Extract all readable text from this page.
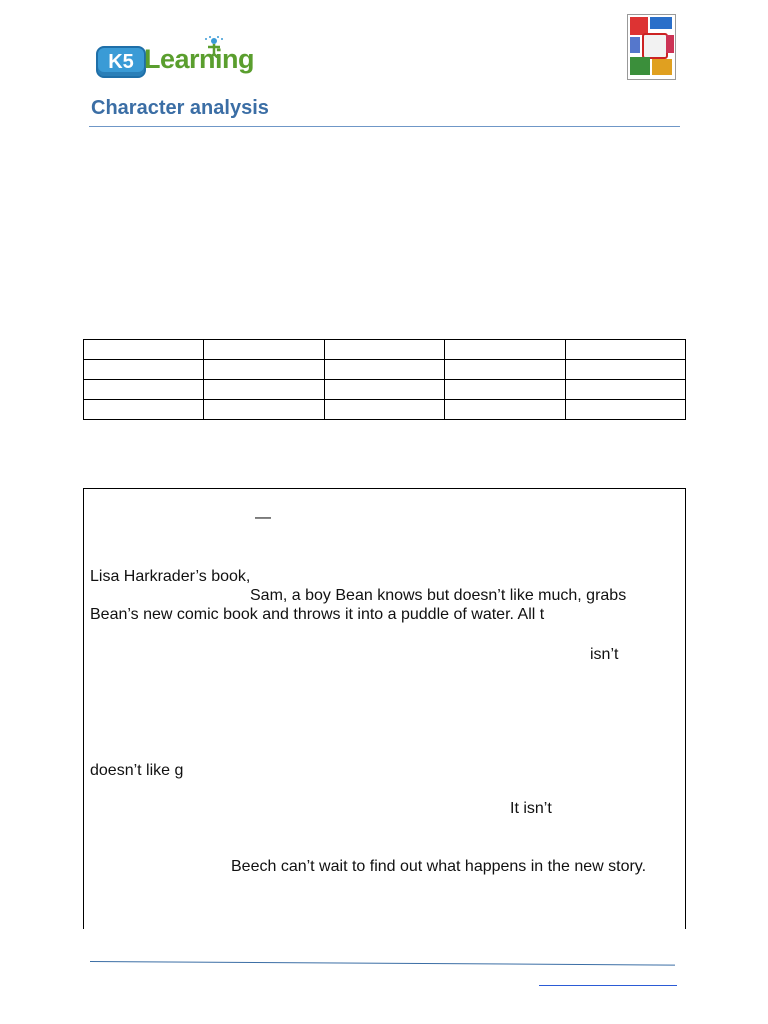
K5 Learning
Character analysis

—
Lisa Harkrader’s book,
Sam, a boy Bean knows but doesn’t like much, grabs
Bean’s new comic book and throws it into a puddle of water. All t
isn’t
doesn’t like g
It isn’t
Beech can’t wait to find out what happens in the new story.
